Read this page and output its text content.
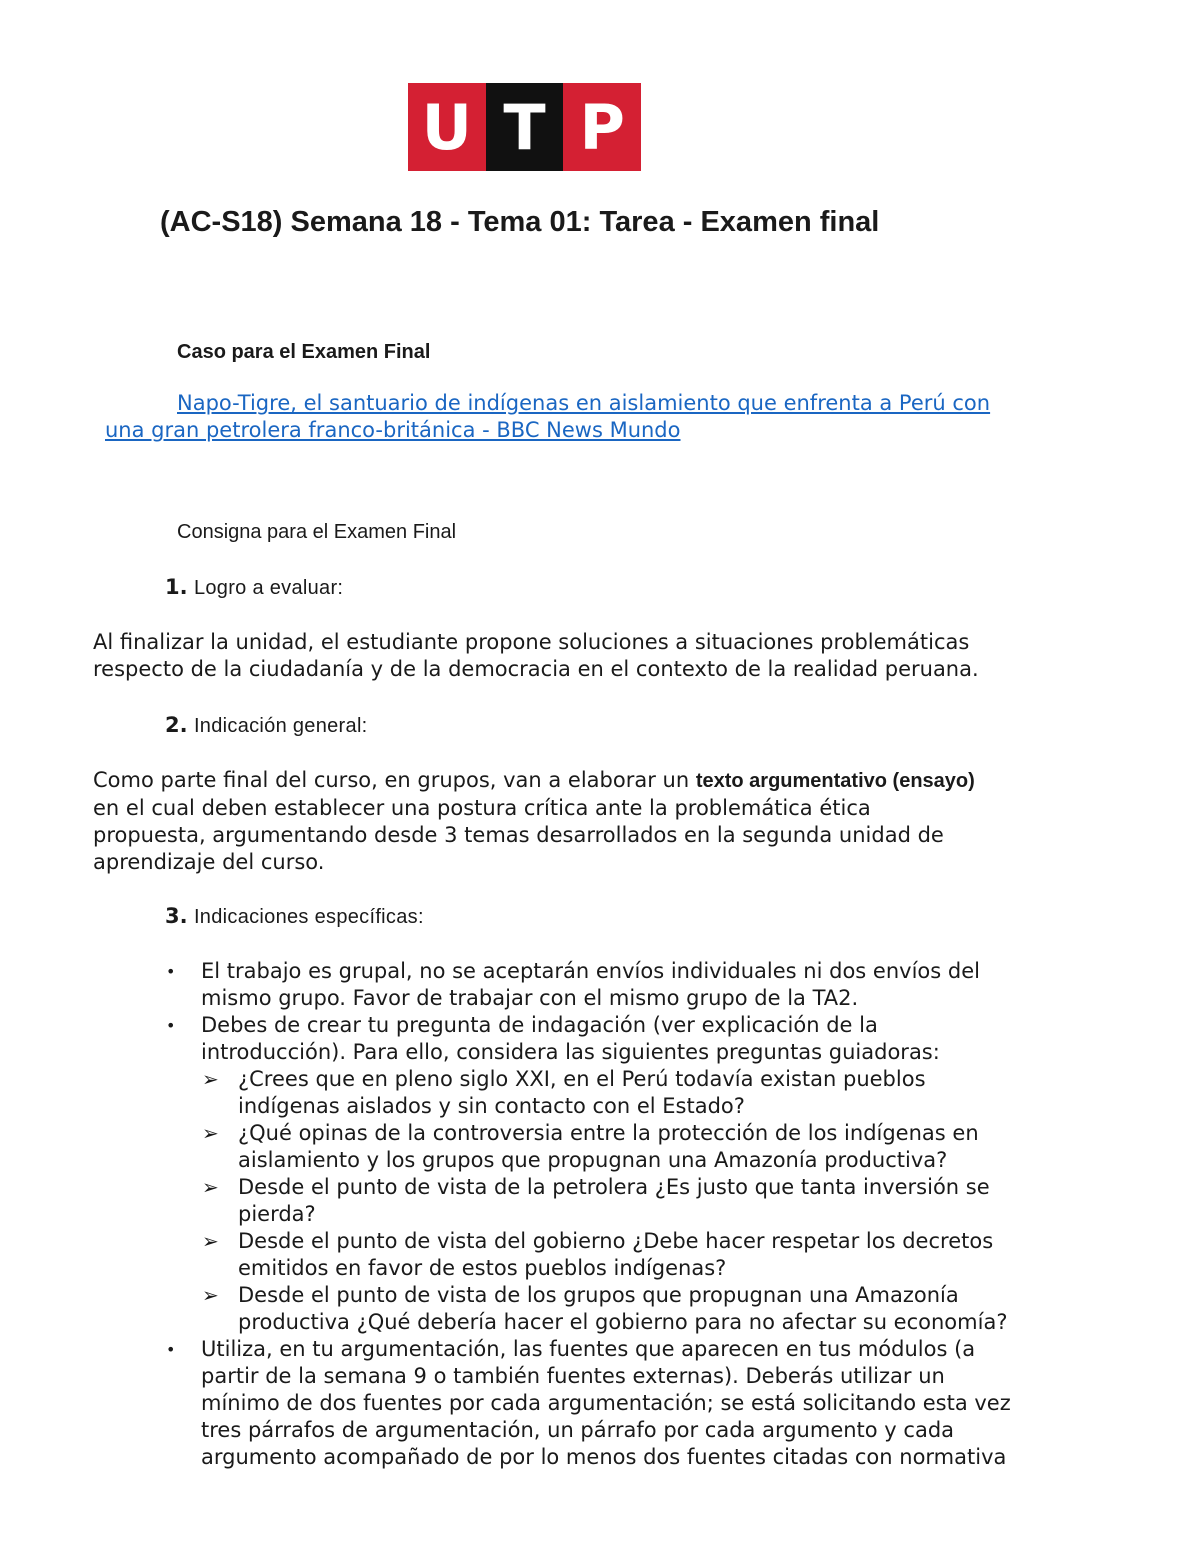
U T P
(AC-S18) Semana 18 - Tema 01: Tarea - Examen final
Caso para el Examen Final
Napo-Tigre, el santuario de indígenas en aislamiento que enfrenta a Perú con
una gran petrolera franco-británica - BBC News Mundo
Consigna para el Examen Final
1. Logro a evaluar:
Al finalizar la unidad, el estudiante propone soluciones a situaciones problemáticas
respecto de la ciudadanía y de la democracia en el contexto de la realidad peruana.
2. Indicación general:
Como parte final del curso, en grupos, van a elaborar un texto argumentativo (ensayo)
en el cual deben establecer una postura crítica ante la problemática ética
propuesta, argumentando desde 3 temas desarrollados en la segunda unidad de
aprendizaje del curso.
3. Indicaciones específicas:
• El trabajo es grupal, no se aceptarán envíos individuales ni dos envíos del
mismo grupo. Favor de trabajar con el mismo grupo de la TA2.
• Debes de crear tu pregunta de indagación (ver explicación de la
introducción). Para ello, considera las siguientes preguntas guiadoras:
➢ ¿Crees que en pleno siglo XXI, en el Perú todavía existan pueblos
indígenas aislados y sin contacto con el Estado?
➢ ¿Qué opinas de la controversia entre la protección de los indígenas en
aislamiento y los grupos que propugnan una Amazonía productiva?
➢ Desde el punto de vista de la petrolera ¿Es justo que tanta inversión se
pierda?
➢ Desde el punto de vista del gobierno ¿Debe hacer respetar los decretos
emitidos en favor de estos pueblos indígenas?
➢ Desde el punto de vista de los grupos que propugnan una Amazonía
productiva ¿Qué debería hacer el gobierno para no afectar su economía?
• Utiliza, en tu argumentación, las fuentes que aparecen en tus módulos (a
partir de la semana 9 o también fuentes externas). Deberás utilizar un
mínimo de dos fuentes por cada argumentación; se está solicitando esta vez
tres párrafos de argumentación, un párrafo por cada argumento y cada
argumento acompañado de por lo menos dos fuentes citadas con normativa
